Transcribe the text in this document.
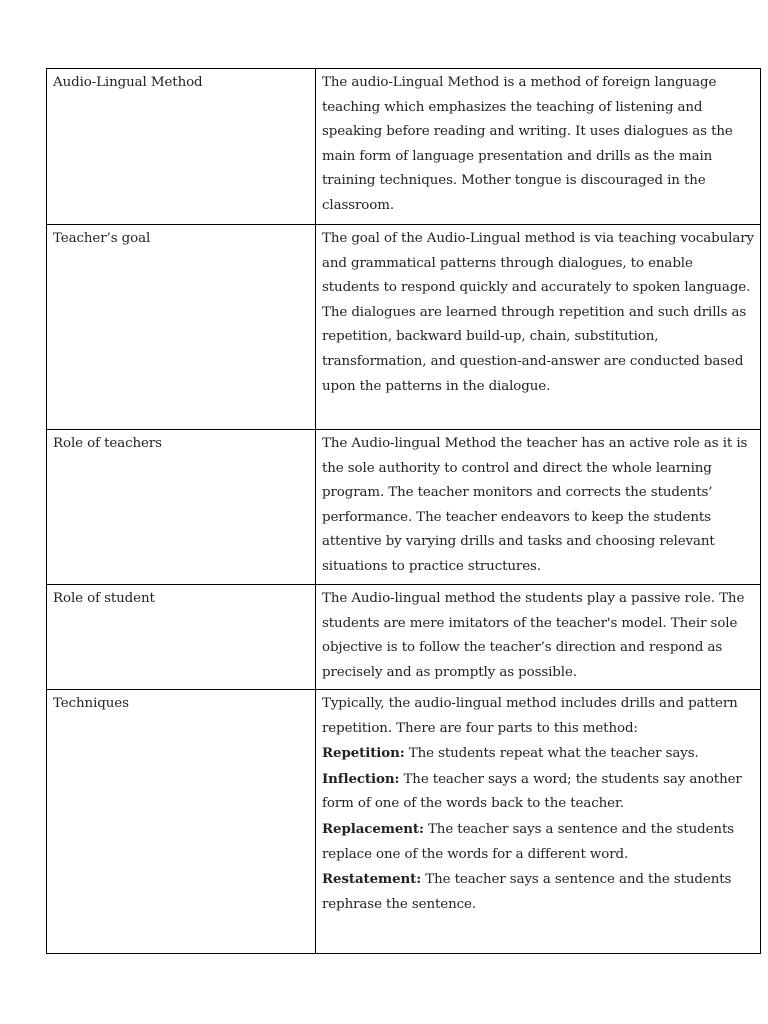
Audio-Lingual Method	The audio-Lingual Method is a method of foreign language teaching which emphasizes the teaching of listening and speaking before reading and writing. It uses dialogues as the main form of language presentation and drills as the main training techniques. Mother tongue is discouraged in the classroom.
Teacher’s goal	The goal of the Audio-Lingual method is via teaching vocabulary and grammatical patterns through dialogues, to enable students to respond quickly and accurately to spoken language. The dialogues are learned through repetition and such drills as repetition, backward build-up, chain, substitution, transformation, and question-and-answer are conducted based upon the patterns in the dialogue.
Role of teachers	The Audio-lingual Method the teacher has an active role as it is the sole authority to control and direct the whole learning program. The teacher monitors and corrects the students’ performance. The teacher endeavors to keep the students attentive by varying drills and tasks and choosing relevant situations to practice structures.
Role of student	The Audio-lingual method the students play a passive role. The students are mere imitators of the teacher's model. Their sole objective is to follow the teacher’s direction and respond as precisely and as promptly as possible.
Techniques	Typically, the audio-lingual method includes drills and pattern repetition. There are four parts to this method:
Repetition: The students repeat what the teacher says.
Inflection: The teacher says a word; the students say another form of one of the words back to the teacher.
Replacement: The teacher says a sentence and the students replace one of the words for a different word.
Restatement: The teacher says a sentence and the students rephrase the sentence.
